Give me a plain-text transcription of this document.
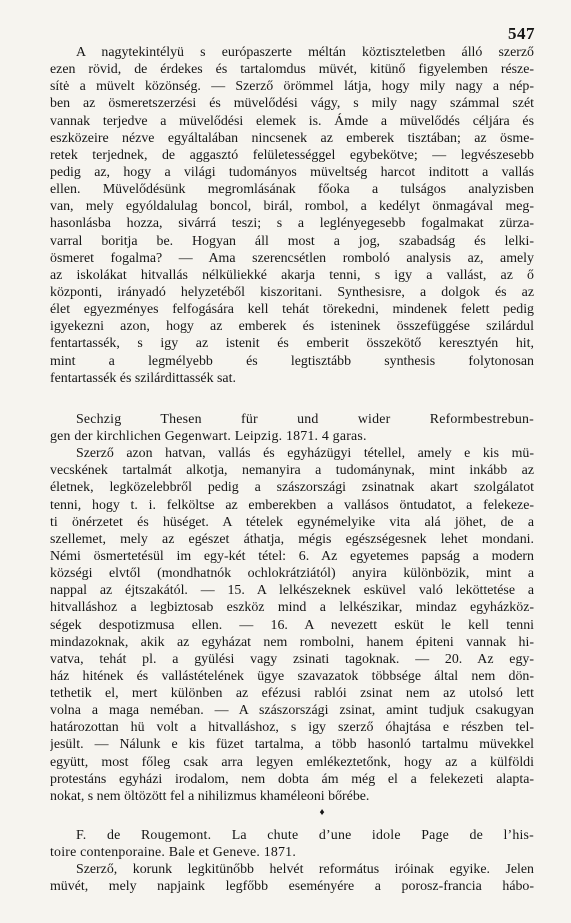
547
A nagytekintélyü s európaszerte méltán köztiszteletben álló szerző
ezen rövid, de érdekes és tartalomdus müvét, kitünő figyelemben része-
sítė a müvelt közönség. — Szerző örömmel látja, hogy mily nagy a nép-
ben az ösmeretszerzési és müvelődési vágy, s mily nagy számmal szét
vannak terjedve a müvelődési elemek is. Ámde a müvelődés céljára és
eszközeire nézve egyáltalában nincsenek az emberek tisztában; az ösme-
retek terjednek, de aggasztó felületességgel egybekötve; — legvészesebb
pedig az, hogy a világi tudományos müveltség harcot inditott a vallás
ellen. Müvelődésünk megromlásának főoka a tulságos analyzisben
van, mely egyóldalulag boncol, birál, rombol, a kedélyt önmagával meg-
hasonlásba hozza, sivárrá teszi; s a leglényegesebb fogalmakat zürza-
varral boritja be. Hogyan áll most a jog, szabadság és lelki-
ösmeret fogalma? — Ama szerencsétlen romboló analysis az, amely
az iskolákat hitvallás nélküliekké akarja tenni, s igy a vallást, az ő
központi, irányadó helyzetéből kiszoritani. Synthesisre, a dolgok és az
élet egyezményes felfogására kell tehát törekedni, mindenek felett pedig
igyekezni azon, hogy az emberek és isteninek összefüggése szilárdul
fentartassék, s igy az istenit és emberit összekötő keresztyén hit,
mint a legmélyebb és legtisztább synthesis folytonosan
fentartassék és szilárdittassék sat.
Sechzig Thesen für und wider Reformbestrebun-
gen der kirchlichen Gegenwart. Leipzig. 1871. 4 garas.
Szerző azon hatvan, vallás és egyházügyi tétellel, amely e kis mü-
vecskének tartalmát alkotja, nemanyira a tudománynak, mint inkább az
életnek, legközelebbről pedig a szászországi zsinatnak akart szolgálatot
tenni, hogy t. i. felköltse az emberekben a vallásos öntudatot, a felekeze-
ti önérzetet és hüséget. A tételek egynémelyike vita alá jöhet, de a
szellemet, mely az egészet áthatja, mégis egészségesnek lehet mondani.
Némi ösmertetésül im egy-két tétel: 6. Az egyetemes papság a modern
községi elvtől (mondhatnók ochlokrátziától) anyira különbözik, mint a
nappal az éjtszakától. — 15. A lelkészeknek esküvel való leköttetése a
hitvalláshoz a legbiztosab eszköz mind a lelkészikar, mindaz egyházköz-
ségek despotizmusa ellen. — 16. A nevezett esküt le kell tenni
mindazoknak, akik az egyházat nem rombolni, hanem épiteni vannak hi-
vatva, tehát pl. a gyülési vagy zsinati tagoknak. — 20. Az egy-
ház hitének és vallástételének ügye szavazatok többsége által nem dön-
tethetik el, mert különben az efézusi rablói zsinat nem az utolsó lett
volna a maga neméban. — A szászországi zsinat, amint tudjuk csakugyan
határozottan hü volt a hitvalláshoz, s igy szerző óhajtása e részben tel-
jesült. — Nálunk e kis füzet tartalma, a több hasonló tartalmu müvekkel
együtt, most főleg csak arra legyen emlékeztetőnk, hogy az a külföldi
protestáns egyházi irodalom, nem dobta ám még el a felekezeti alapta-
nokat, s nem öltözött fel a nihilizmus khaméleoni bőrébe.
♦
F. de Rougemont. La chute d’une idole Page de l’his-
toire contenporaine. Bale et Geneve. 1871.
Szerző, korunk legkitünőbb helvét református iróinak egyike. Jelen
müvét, mely napjaink legfőbb eseményére a porosz-francia hábo-
